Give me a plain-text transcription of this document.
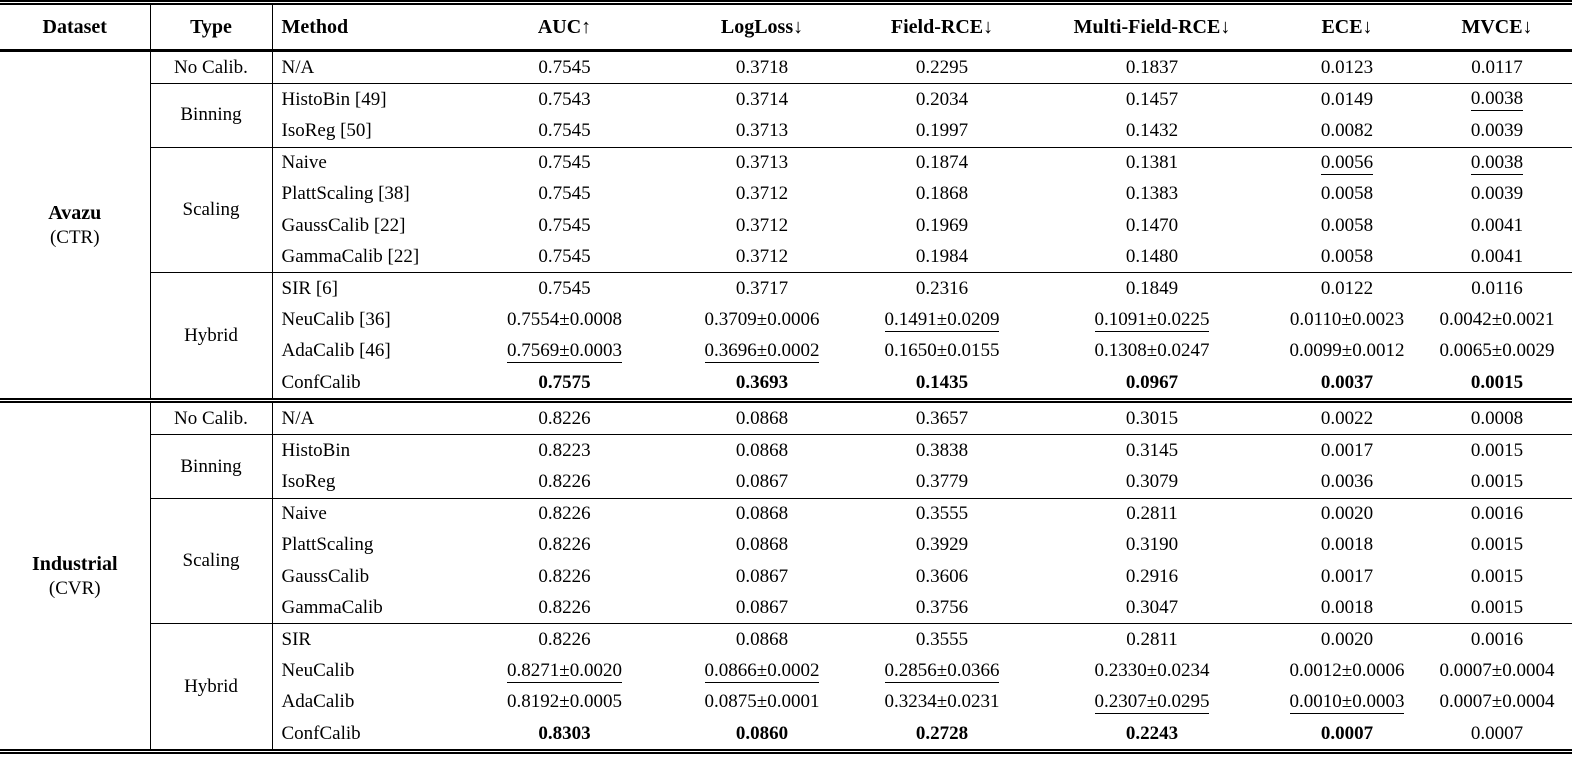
Dataset	Type	Method	AUC↑	LogLoss↓	Field-RCE↓	Multi-Field-RCE↓	ECE↓	MVCE↓

Avazu
(CTR)	No Calib.	N/A	0.7545	0.3718	0.2295	0.1837	0.0123	0.0117
	Binning	HistoBin [49]	0.7543	0.3714	0.2034	0.1457	0.0149	0.0038
		IsoReg [50]	0.7545	0.3713	0.1997	0.1432	0.0082	0.0039
	Scaling	Naive	0.7545	0.3713	0.1874	0.1381	0.0056	0.0038
		PlattScaling [38]	0.7545	0.3712	0.1868	0.1383	0.0058	0.0039
		GaussCalib [22]	0.7545	0.3712	0.1969	0.1470	0.0058	0.0041
		GammaCalib [22]	0.7545	0.3712	0.1984	0.1480	0.0058	0.0041
	Hybrid	SIR [6]	0.7545	0.3717	0.2316	0.1849	0.0122	0.0116
		NeuCalib [36]	0.7554±0.0008	0.3709±0.0006	0.1491±0.0209	0.1091±0.0225	0.0110±0.0023	0.0042±0.0021
		AdaCalib [46]	0.7569±0.0003	0.3696±0.0002	0.1650±0.0155	0.1308±0.0247	0.0099±0.0012	0.0065±0.0029
		ConfCalib	0.7575	0.3693	0.1435	0.0967	0.0037	0.0015

Industrial
(CVR)	No Calib.	N/A	0.8226	0.0868	0.3657	0.3015	0.0022	0.0008
	Binning	HistoBin	0.8223	0.0868	0.3838	0.3145	0.0017	0.0015
		IsoReg	0.8226	0.0867	0.3779	0.3079	0.0036	0.0015
	Scaling	Naive	0.8226	0.0868	0.3555	0.2811	0.0020	0.0016
		PlattScaling	0.8226	0.0868	0.3929	0.3190	0.0018	0.0015
		GaussCalib	0.8226	0.0867	0.3606	0.2916	0.0017	0.0015
		GammaCalib	0.8226	0.0867	0.3756	0.3047	0.0018	0.0015
	Hybrid	SIR	0.8226	0.0868	0.3555	0.2811	0.0020	0.0016
		NeuCalib	0.8271±0.0020	0.0866±0.0002	0.2856±0.0366	0.2330±0.0234	0.0012±0.0006	0.0007±0.0004
		AdaCalib	0.8192±0.0005	0.0875±0.0001	0.3234±0.0231	0.2307±0.0295	0.0010±0.0003	0.0007±0.0004
		ConfCalib	0.8303	0.0860	0.2728	0.2243	0.0007	0.0007
